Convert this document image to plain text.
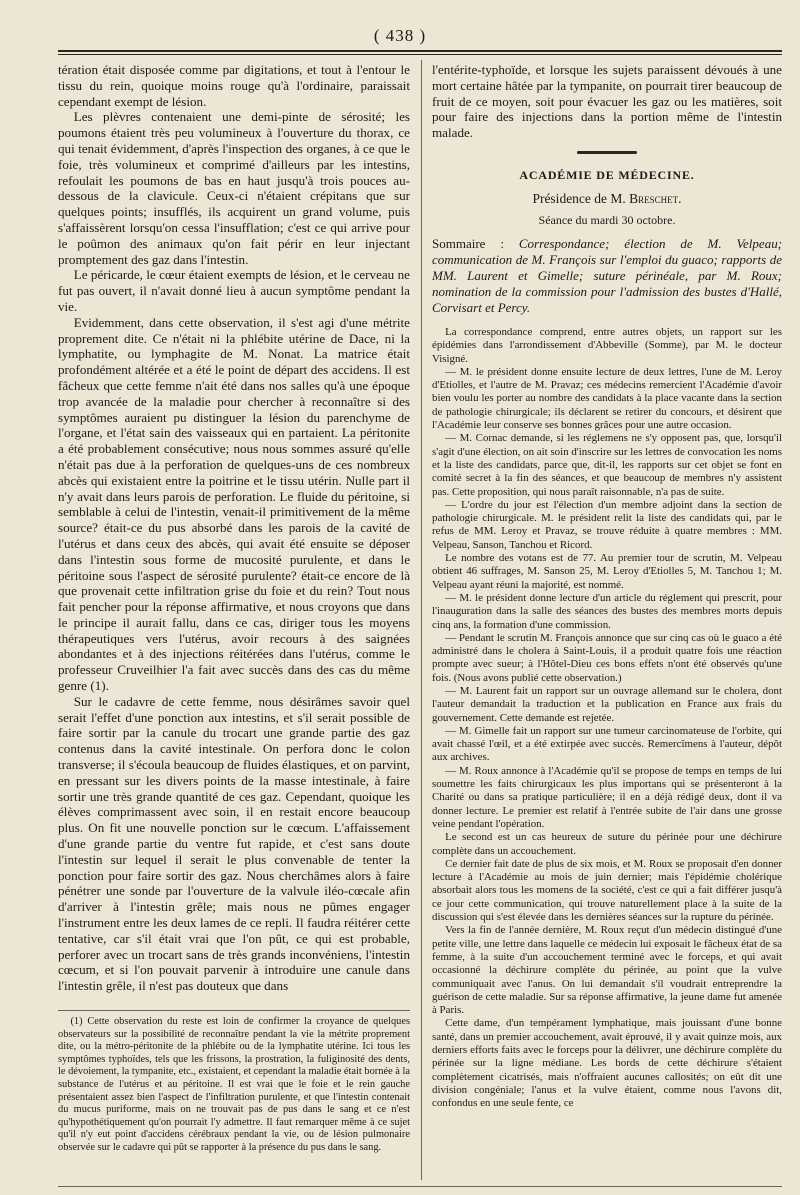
( 438 )

tération était disposée comme par digitations, et tout à l'entour le tissu du rein, quoique moins rouge qu'à l'ordinaire, paraissait cependant exempt de lésion.

Les plèvres contenaient une demi-pinte de sérosité; les poumons étaient très peu volumineux à l'ouverture du thorax, ce qui tenait évidemment, d'après l'inspection des organes, à ce que le foie, très volumineux et comprimé d'ailleurs par les intestins, refoulait les poumons de bas en haut jusqu'à trois pouces au-dessous de la clavicule. Ceux-ci n'étaient crépitans que sur quelques points; insufflés, ils acquirent un grand volume, puis s'affaissèrent lorsqu'on cessa l'insufflation; c'est ce qui arrive pour le poûmon des animaux qu'on fait périr en leur injectant promptement des gaz dans l'intestin.

Le péricarde, le cœur étaient exempts de lésion, et le cerveau ne fut pas ouvert, il n'avait donné lieu à aucun symptôme pendant la vie.

Evidemment, dans cette observation, il s'est agi d'une métrite proprement dite. Ce n'était ni la phlébite utérine de Dace, ni la lymphatite, ou lymphagite de M. Nonat. La matrice était profondément altérée et a été le point de départ des accidens. Il est fâcheux que cette femme n'ait été dans nos salles qu'à une époque trop avancée de la maladie pour chercher à reconnaître si des symptômes auraient pu distinguer la lésion du parenchyme de l'organe, et l'état sain des vaisseaux qui en partaient. La péritonite a été probablement consécutive; nous nous sommes assuré qu'elle n'était pas due à la perforation de quelques-uns de ces nombreux abcès qui existaient entre la poitrine et le tissu utérin. Nulle part il n'y avait dans leurs parois de perforation. Le fluide du péritoine, si semblable à celui de l'intestin, venait-il primitivement de la même source? était-ce du pus absorbé dans les parois de la cavité de l'utérus et dans ceux des abcès, qui avait été ensuite se déposer dans l'intestin sous forme de mucosité purulente, et dans le péritoine sous l'aspect de sérosité purulente? était-ce encore de là que provenait cette infiltration grise du foie et du rein? Tout nous fait pencher pour la réponse affirmative, et nous croyons que dans le principe il aurait fallu, dans ce cas, diriger tous les moyens thérapeutiques vers l'utérus, avoir recours à des saignées abondantes et à des injections réitérées dans l'utérus, comme le professeur Cruveilhier l'a fait avec succès dans des cas du même genre (1).

Sur le cadavre de cette femme, nous désirâmes savoir quel serait l'effet d'une ponction aux intestins, et s'il serait possible de faire sortir par la canule du trocart une grande partie des gaz contenus dans la cavité intestinale. On perfora donc le colon transverse; il s'écoula beaucoup de fluides élastiques, et on parvint, en pressant sur les divers points de la masse intestinale, à faire sortir une très grande quantité de ces gaz. Cependant, quoique les élèves comprimassent avec soin, il en restait encore beaucoup plus. On fit une nouvelle ponction sur le cœcum. L'affaissement d'une grande partie du ventre fut rapide, et c'est sans doute l'intestin sur lequel il serait le plus convenable de tenter la ponction pour faire sortir des gaz. Nous cherchâmes alors à faire pénétrer une sonde par l'ouverture de la valvule iléo-cœcale afin d'arriver à l'intestin grêle; mais nous ne pûmes engager l'instrument entre les deux lames de ce repli. Il faudra réitérer cette tentative, car s'il était vrai que l'on pût, ce qui est probable, perforer avec un trocart sans de très grands inconvéniens, l'intestin cœcum, et si l'on pouvait parvenir à introduire une canule dans l'intestin grêle, il n'est pas douteux que dans

(1) Cette observation du reste est loin de confirmer la croyance de quelques observateurs sur la possibilité de reconnaître pendant la vie la métrite proprement dite, ou la métro-péritonite de la phlébite ou de la lymphatite utérine. Ici tous les symptômes typhoïdes, tels que les frissons, la prostration, la fuliginosité des dents, le dévoiement, la tympanite, etc., existaient, et cependant la maladie était bornée à la substance de l'utérus et au péritoine. Il est vrai que le foie et le rein gauche présentaient assez bien l'aspect de l'infiltration purulente, et que l'intestin contenait du mucus puriforme, mais on ne trouvait pas de pus dans le sang et ce n'est qu'hypothétiquement qu'on pourrait l'y admettre. Il faut remarquer même à ce sujet qu'il n'y eut point d'accidens cérébraux pendant la vie, ou de lésion pulmonaire observée sur le cadavre qui pût se rapporter à la présence du pus dans le sang.

l'entérite-typhoïde, et lorsque les sujets paraissent dévoués à une mort certaine hâtée par la tympanite, on pourrait tirer beaucoup de fruit de ce moyen, soit pour évacuer les gaz ou les matières, soit pour faire des injections dans la portion même de l'intestin malade.

ACADÉMIE DE MÉDECINE.

Présidence de M. Breschet.

Séance du mardi 30 octobre.

Sommaire : Correspondance; élection de M. Velpeau; communication de M. François sur l'emploi du guaco; rapports de MM. Laurent et Gimelle; suture périnéale, par M. Roux; nomination de la commission pour l'admission des bustes d'Hallé, Corvisart et Percy.

La correspondance comprend, entre autres objets, un rapport sur les épidémies dans l'arrondissement d'Abbeville (Somme), par M. le docteur Visigné.

— M. le président donne ensuite lecture de deux lettres, l'une de M. Leroy d'Etiolles, et l'autre de M. Pravaz; ces médecins remercient l'Académie d'avoir bien voulu les porter au nombre des candidats à la place vacante dans la section de pathologie chirurgicale; ils déclarent se retirer du concours, et désirent que l'Académie leur conserve ses bonnes grâces pour une autre occasion.

— M. Cornac demande, si les réglemens ne s'y opposent pas, que, lorsqu'il s'agit d'une élection, on ait soin d'inscrire sur les lettres de convocation les noms et la liste des candidats, parce que, dit-il, les rapports sur cet objet se font en comité secret à la fin des séances, et que beaucoup de membres n'y assistent pas. Cette proposition, qui nous paraît raisonnable, n'a pas de suite.

— L'ordre du jour est l'élection d'un membre adjoint dans la section de pathologie chirurgicale. M. le président relit la liste des candidats qui, par le refus de MM. Leroy et Pravaz, se trouve réduite à quatre membres : MM. Velpeau, Sanson, Tanchou et Ricord.

Le nombre des votans est de 77. Au premier tour de scrutin, M. Velpeau obtient 46 suffrages, M. Sanson 25, M. Leroy d'Etiolles 5, M. Tanchou 1; M. Velpeau ayant réuni la majorité, est nommé.

— M. le président donne lecture d'un article du réglement qui prescrit, pour l'inauguration dans la salle des séances des bustes des membres morts depuis cinq ans, la formation d'une commission.

— Pendant le scrutin M. François annonce que sur cinq cas où le guaco a été administré dans le cholera à Saint-Louis, il a produit quatre fois une réaction prompte avec sueur; à l'Hôtel-Dieu ces bons effets n'ont été observés qu'une fois. (Nous avons publié cette observation.)

— M. Laurent fait un rapport sur un ouvrage allemand sur le cholera, dont l'auteur demandait la traduction et la publication en France aux frais du gouvernement. Cette demande est rejetée.

— M. Gimelle fait un rapport sur une tumeur carcinomateuse de l'orbite, qui avait chassé l'œil, et a été extirpée avec succès. Remercîmens à l'auteur, dépôt aux archives.

— M. Roux annonce à l'Académie qu'il se propose de temps en temps de lui soumettre les faits chirurgicaux les plus importans qui se présenteront à la Charité ou dans sa pratique particulière; il en a déjà rédigé deux, dont il va donner lecture. Le premier est relatif à l'entrée subite de l'air dans une grosse veine pendant l'opération.

Le second est un cas heureux de suture du périnée pour une déchirure complète dans un accouchement.

Ce dernier fait date de plus de six mois, et M. Roux se proposait d'en donner lecture à l'Académie au mois de juin dernier; mais l'épidémie cholérique absorbait alors tous les momens de la société, c'est ce qui a fait différer jusqu'à ce jour cette communication, qui trouve naturellement place à la suite de la discussion qui s'est élevée dans les dernières séances sur la rupture du périnée.

Vers la fin de l'année dernière, M. Roux reçut d'un médecin distingué d'une petite ville, une lettre dans laquelle ce médecin lui exposait le fâcheux état de sa femme, à la suite d'un accouchement terminé avec le forceps, et qui avait occasionné la déchirure complète du périnée, au point que la vulve communiquait avec l'anus. On lui demandait s'il voudrait entreprendre la guérison de cette maladie. Sur sa réponse affirmative, la jeune dame fut amenée à Paris.

Cette dame, d'un tempérament lymphatique, mais jouissant d'une bonne santé, dans un premier accouchement, avait éprouvé, il y avait quinze mois, aux derniers efforts faits avec le forceps pour la délivrer, une déchirure complète du périnée sur la ligne médiane. Les bords de cette déchirure s'étaient complètement cicatrisés, mais n'offraient aucunes callosités; on eût dit une division congéniale; l'anus et la vulve étaient, comme nous l'avons dit, confondus en une seule fente, ce
